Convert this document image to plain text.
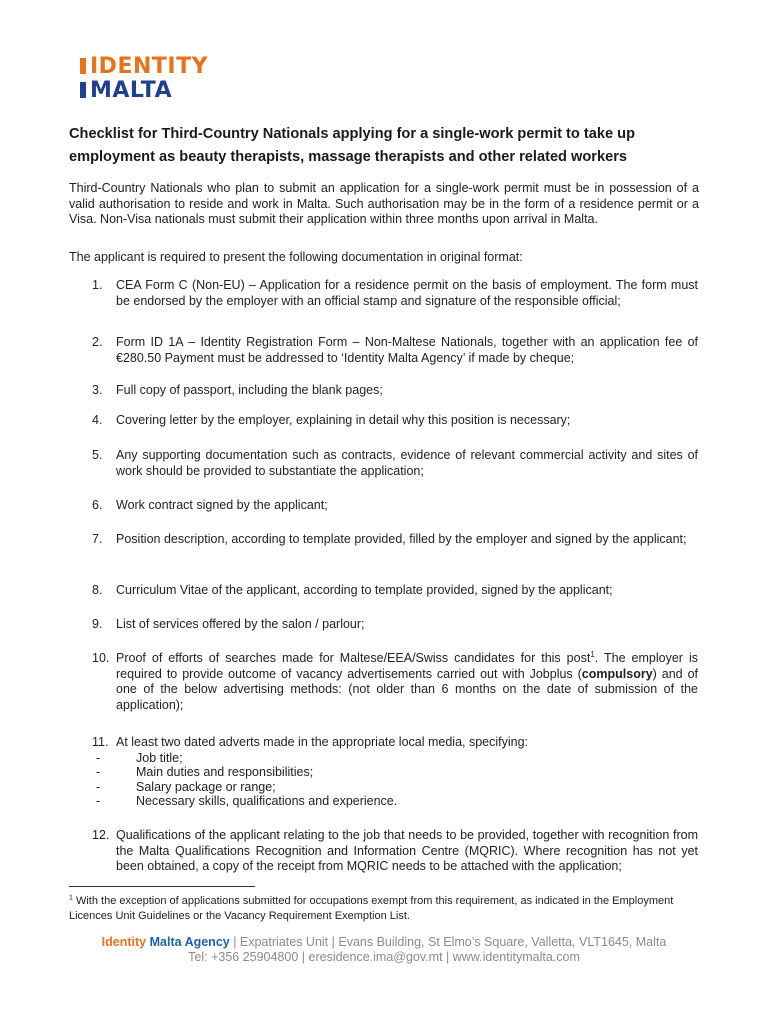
IDENTITY
MALTA
Checklist for Third-Country Nationals applying for a single-work permit to take up employment as beauty therapists, massage therapists and other related workers

Third-Country Nationals who plan to submit an application for a single-work permit must be in possession of a valid authorisation to reside and work in Malta. Such authorisation may be in the form of a residence permit or a Visa. Non-Visa nationals must submit their application within three months upon arrival in Malta.

The applicant is required to present the following documentation in original format:

1.	CEA Form C (Non-EU) – Application for a residence permit on the basis of employment. The form must be endorsed by the employer with an official stamp and signature of the responsible official;
2.	Form ID 1A – Identity Registration Form – Non-Maltese Nationals, together with an application fee of €280.50 Payment must be addressed to ‘Identity Malta Agency’ if made by cheque;
3.	Full copy of passport, including the blank pages;
4.	Covering letter by the employer, explaining in detail why this position is necessary;
5.	Any supporting documentation such as contracts, evidence of relevant commercial activity and sites of work should be provided to substantiate the application;
6.	Work contract signed by the applicant;
7.	Position description, according to template provided, filled by the employer and signed by the applicant;
8.	Curriculum Vitae of the applicant, according to template provided, signed by the applicant;
9.	List of services offered by the salon / parlour;
10. Proof of efforts of searches made for Maltese/EEA/Swiss candidates for this post$^1$. The employer is required to provide outcome of vacancy advertisements carried out with Jobplus (compulsory) and of one of the below advertising methods: (not older than 6 months on the date of submission of the application);
11. At least two dated adverts made in the appropriate local media, specifying:
-	Job title;
-	Main duties and responsibilities;
-	Salary package or range;
-	Necessary skills, qualifications and experience.
12. Qualifications of the applicant relating to the job that needs to be provided, together with recognition from the Malta Qualifications Recognition and Information Centre (MQRIC). Where recognition has not yet been obtained, a copy of the receipt from MQRIC needs to be attached with the application;

$^1$ With the exception of applications submitted for occupations exempt from this requirement, as indicated in the Employment Licences Unit Guidelines or the Vacancy Requirement Exemption List.

Identity Malta Agency | Expatriates Unit | Evans Building, St Elmo’s Square, Valletta, VLT1645, Malta
Tel: +356 25904800 | eresidence.ima@gov.mt | www.identitymalta.com
